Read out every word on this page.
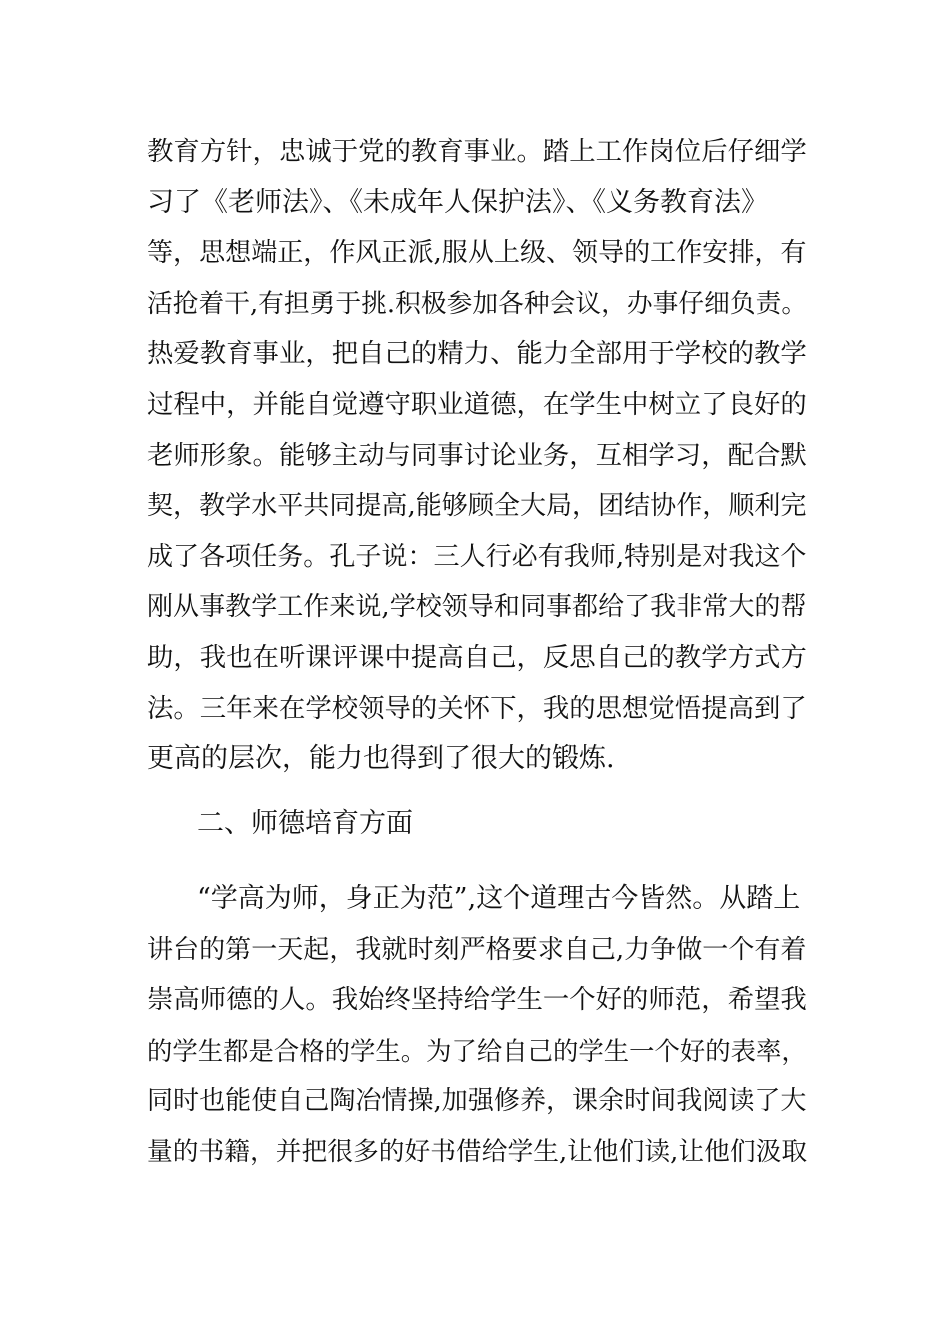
教育方针，忠诚于党的教育事业。踏上工作岗位后仔细学
习了《老师法》、《未成年人保护法》、《义务教育法》
等，思想端正，作风正派,服从上级、领导的工作安排，有
活抢着干,有担勇于挑.积极参加各种会议，办事仔细负责。
热爱教育事业，把自己的精力、能力全部用于学校的教学
过程中，并能自觉遵守职业道德，在学生中树立了良好的
老师形象。能够主动与同事讨论业务，互相学习，配合默
契，教学水平共同提高,能够顾全大局，团结协作，顺利完
成了各项任务。孔子说：三人行必有我师,特别是对我这个
刚从事教学工作来说,学校领导和同事都给了我非常大的帮
助，我也在听课评课中提高自己，反思自己的教学方式方
法。三年来在学校领导的关怀下，我的思想觉悟提高到了
更高的层次，能力也得到了很大的锻炼.
二、师德培育方面
“学高为师，身正为范”,这个道理古今皆然。从踏上
讲台的第一天起，我就时刻严格要求自己,力争做一个有着
崇高师德的人。我始终坚持给学生一个好的师范，希望我
的学生都是合格的学生。为了给自己的学生一个好的表率，
同时也能使自己陶冶情操,加强修养，课余时间我阅读了大
量的书籍，并把很多的好书借给学生,让他们读,让他们汲取
